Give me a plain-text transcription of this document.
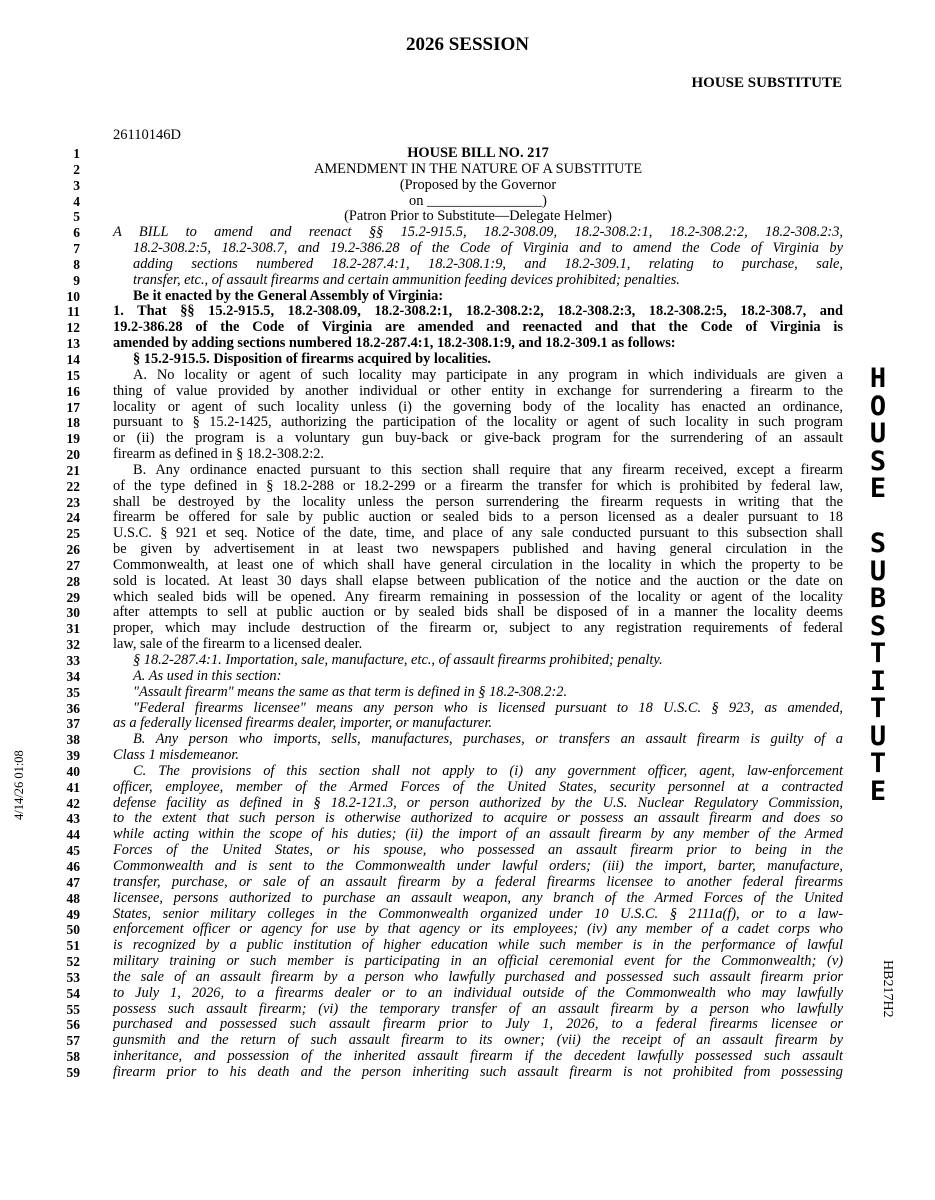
2026 SESSION
HOUSE SUBSTITUTE
26110146D
4/14/26 01:08
H
O
U
S
E

S
U
B
S
T
I
T
U
T
E
HB217H2
1	HOUSE BILL NO. 217
2	AMENDMENT IN THE NATURE OF A SUBSTITUTE
3	(Proposed by the Governor
4	on ________________)
5	(Patron Prior to Substitute—Delegate Helmer)
6 A BILL to amend and reenact §§ 15.2-915.5, 18.2-308.09, 18.2-308.2:1, 18.2-308.2:2, 18.2-308.2:3,
7	18.2-308.2:5, 18.2-308.7, and 19.2-386.28 of the Code of Virginia and to amend the Code of Virginia by
8	adding sections numbered 18.2-287.4:1, 18.2-308.1:9, and 18.2-309.1, relating to purchase, sale,
9	transfer, etc., of assault firearms and certain ammunition feeding devices prohibited; penalties.
10	Be it enacted by the General Assembly of Virginia:
11 1. That §§ 15.2-915.5, 18.2-308.09, 18.2-308.2:1, 18.2-308.2:2, 18.2-308.2:3, 18.2-308.2:5, 18.2-308.7, and
12 19.2-386.28 of the Code of Virginia are amended and reenacted and that the Code of Virginia is
13 amended by adding sections numbered 18.2-287.4:1, 18.2-308.1:9, and 18.2-309.1 as follows:
14	§ 15.2-915.5. Disposition of firearms acquired by localities.
15	A. No locality or agent of such locality may participate in any program in which individuals are given a
16 thing of value provided by another individual or other entity in exchange for surrendering a firearm to the
17 locality or agent of such locality unless (i) the governing body of the locality has enacted an ordinance,
18 pursuant to § 15.2-1425, authorizing the participation of the locality or agent of such locality in such program
19 or (ii) the program is a voluntary gun buy-back or give-back program for the surrendering of an assault
20 firearm as defined in § 18.2-308.2:2.
21	B. Any ordinance enacted pursuant to this section shall require that any firearm received, except a firearm
22 of the type defined in § 18.2-288 or 18.2-299 or a firearm the transfer for which is prohibited by federal law,
23 shall be destroyed by the locality unless the person surrendering the firearm requests in writing that the
24 firearm be offered for sale by public auction or sealed bids to a person licensed as a dealer pursuant to 18
25 U.S.C. § 921 et seq. Notice of the date, time, and place of any sale conducted pursuant to this subsection shall
26 be given by advertisement in at least two newspapers published and having general circulation in the
27 Commonwealth, at least one of which shall have general circulation in the locality in which the property to be
28 sold is located. At least 30 days shall elapse between publication of the notice and the auction or the date on
29 which sealed bids will be opened. Any firearm remaining in possession of the locality or agent of the locality
30 after attempts to sell at public auction or by sealed bids shall be disposed of in a manner the locality deems
31 proper, which may include destruction of the firearm or, subject to any registration requirements of federal
32 law, sale of the firearm to a licensed dealer.
33	§ 18.2-287.4:1. Importation, sale, manufacture, etc., of assault firearms prohibited; penalty.
34	A. As used in this section:
35	"Assault firearm" means the same as that term is defined in § 18.2-308.2:2.
36	"Federal firearms licensee" means any person who is licensed pursuant to 18 U.S.C. § 923, as amended,
37 as a federally licensed firearms dealer, importer, or manufacturer.
38	B. Any person who imports, sells, manufactures, purchases, or transfers an assault firearm is guilty of a
39 Class 1 misdemeanor.
40	C. The provisions of this section shall not apply to (i) any government officer, agent, law-enforcement
41 officer, employee, member of the Armed Forces of the United States, security personnel at a contracted
42 defense facility as defined in § 18.2-121.3, or person authorized by the U.S. Nuclear Regulatory Commission,
43 to the extent that such person is otherwise authorized to acquire or possess an assault firearm and does so
44 while acting within the scope of his duties; (ii) the import of an assault firearm by any member of the Armed
45 Forces of the United States, or his spouse, who possessed an assault firearm prior to being in the
46 Commonwealth and is sent to the Commonwealth under lawful orders; (iii) the import, barter, manufacture,
47 transfer, purchase, or sale of an assault firearm by a federal firearms licensee to another federal firearms
48 licensee, persons authorized to purchase an assault weapon, any branch of the Armed Forces of the United
49 States, senior military colleges in the Commonwealth organized under 10 U.S.C. § 2111a(f), or to a law-
50 enforcement officer or agency for use by that agency or its employees; (iv) any member of a cadet corps who
51 is recognized by a public institution of higher education while such member is in the performance of lawful
52 military training or such member is participating in an official ceremonial event for the Commonwealth; (v)
53 the sale of an assault firearm by a person who lawfully purchased and possessed such assault firearm prior
54 to July 1, 2026, to a firearms dealer or to an individual outside of the Commonwealth who may lawfully
55 possess such assault firearm; (vi) the temporary transfer of an assault firearm by a person who lawfully
56 purchased and possessed such assault firearm prior to July 1, 2026, to a federal firearms licensee or
57 gunsmith and the return of such assault firearm to its owner; (vii) the receipt of an assault firearm by
58 inheritance, and possession of the inherited assault firearm if the decedent lawfully possessed such assault
59 firearm prior to his death and the person inheriting such assault firearm is not prohibited from possessing
